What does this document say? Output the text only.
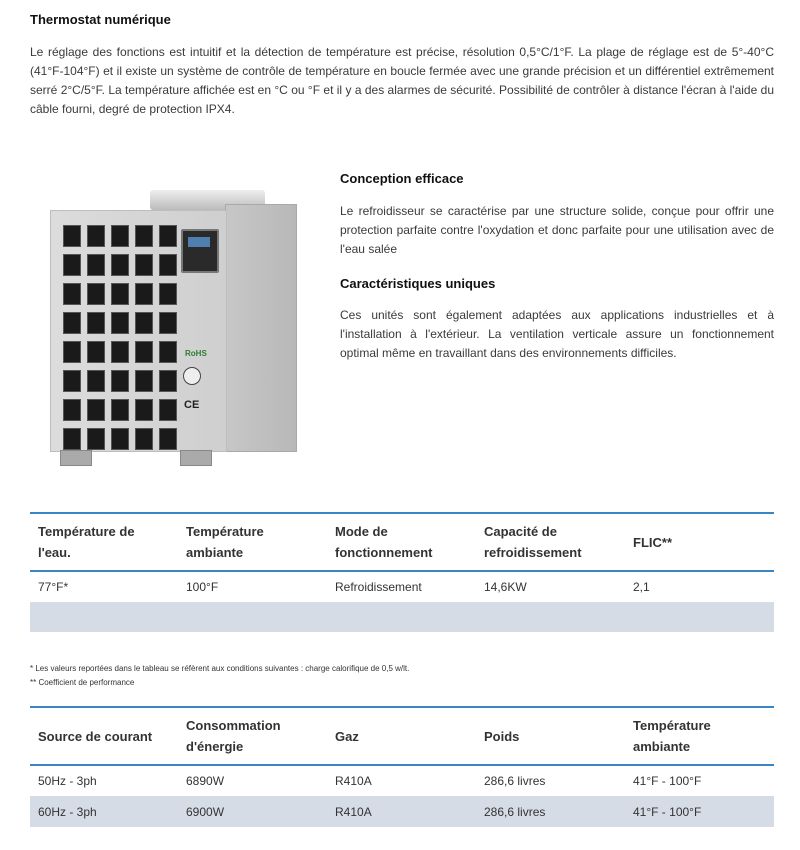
Thermostat numérique
Le réglage des fonctions est intuitif et la détection de température est précise, résolution 0,5°C/1°F. La plage de réglage est de 5°-40°C (41°F-104°F) et il existe un système de contrôle de température en boucle fermée avec une grande précision et un différentiel extrêmement serré 2°C/5°F. La température affichée est en °C ou °F et il y a des alarmes de sécurité. Possibilité de contrôler à distance l'écran à l'aide du câble fourni, degré de protection IPX4.
RoHS
CE
Conception efficace
Le refroidisseur se caractérise par une structure solide, conçue pour offrir une protection parfaite contre l'oxydation et donc parfaite pour une utilisation avec de l'eau salée
Caractéristiques uniques
Ces unités sont également adaptées aux applications industrielles et à l'installation à l'extérieur. La ventilation verticale assure un fonctionnement optimal même en travaillant dans des environnements difficiles.
Température de l'eau.	Température ambiante	Mode de fonctionnement	Capacité de refroidissement	FLIC**
77°F*	100°F	Refroidissement	14,6KW	2,1

* Les valeurs reportées dans le tableau se réfèrent aux conditions suivantes : charge calorifique de 0,5 w/lt.
** Coefficient de performance
Source de courant	Consommation d'énergie	Gaz	Poids	Température ambiante
50Hz - 3ph	6890W	R410A	286,6 livres	41°F - 100°F
60Hz - 3ph	6900W	R410A	286,6 livres	41°F - 100°F
